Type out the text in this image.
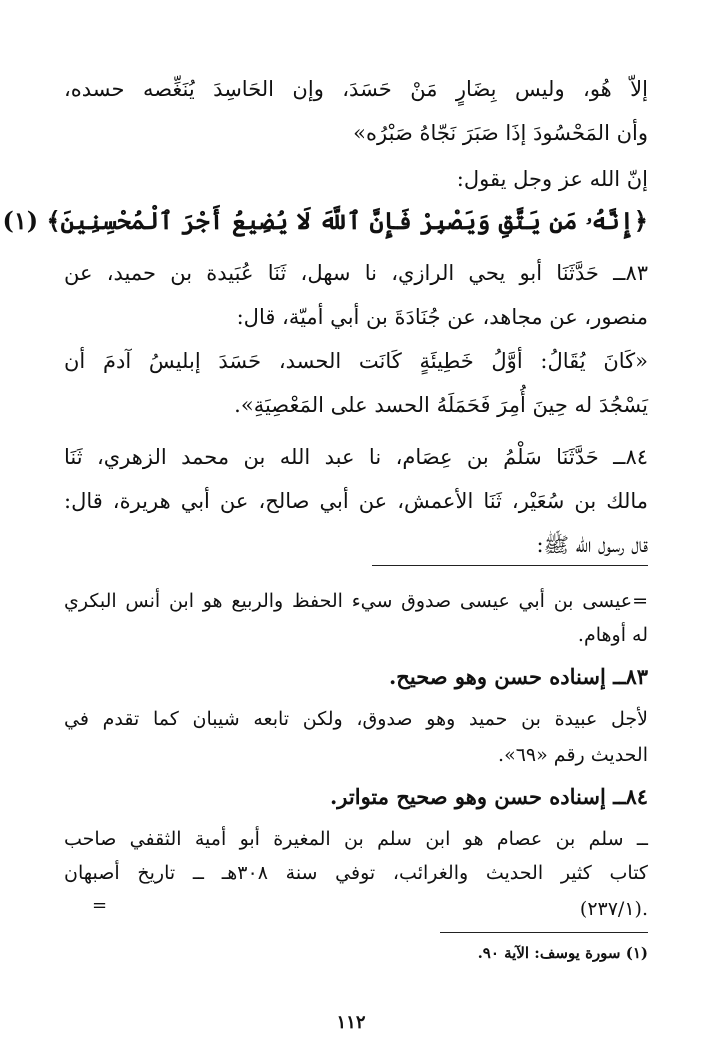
إلاّ هُو، وليس بِضَارٍ مَنْ حَسَدَ، وإن الحَاسِدَ يُنَغِّصه حسده،
وأن المَحْسُودَ إذَا صَبَرَ نَجّاهُ صَبْرُه»
إنّ الله عز وجل يقول:
﴿إِنَّهُۥ مَن يَتَّقِ وَيَصْبِرْ فَإِنَّ ٱللَّهَ لَا يُضِيعُ أَجْرَ ٱلْمُحْسِنِينَ﴾ (١)
٨٣ــ حَدَّثَنَا أبو يحي الرازي، نا سهل، ثَنَا عُبَيدة بن حميد، عن
منصور، عن مجاهد، عن جُنَادَةَ بن أبي أميّة، قال:
«كَانَ يُقَالُ: أوَّلُ خَطِيئَةٍ كَانَت الحسد، حَسَدَ إبليسُ آدمَ أن
يَسْجُدَ له حِينَ أُمِرَ فَحَمَلَهُ الحسد على المَعْصِيَةِ».
٨٤ــ حَدَّثَنَا سَلْمُ بن عِصَام، نا عبد الله بن محمد الزهري، ثَنَا
مالك بن سُعَيْر، ثَنَا الأعمش، عن أبي صالح، عن أبي هريرة، قال:
قال رسول الله ﷺ:
=عيسى بن أبي عيسى صدوق سيء الحفظ والربيع هو ابن أنس البكري
له أوهام.
٨٣ــ إسناده حسن وهو صحيح.
لأجل عبيدة بن حميد وهو صدوق، ولكن تابعه شيبان كما تقدم في
الحديث رقم «٦٩».
٨٤ــ إسناده حسن وهو صحيح متواتر.
ــ سلم بن عصام هو ابن سلم بن المغيرة أبو أمية الثقفي صاحب
كتاب كثير الحديث والغرائب، توفي سنة ٣٠٨هـ ــ تاريخ أصبهان
.(٢٣٧/١)
=
(١) سورة يوسف: الآية ٩٠.
١١٢
